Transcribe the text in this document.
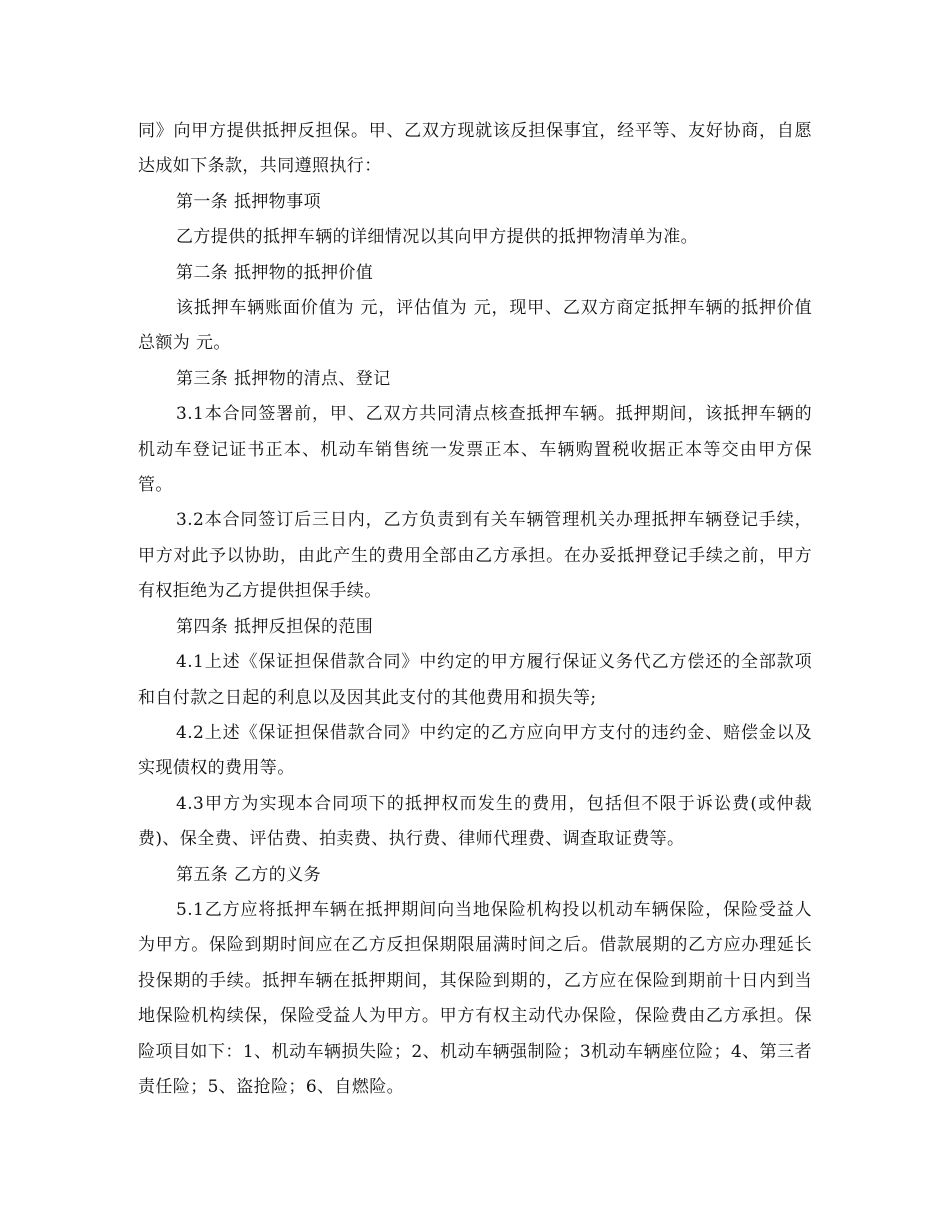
同》向甲方提供抵押反担保。甲、乙双方现就该反担保事宜，经平等、友好协商，自愿达成如下条款，共同遵照执行：

第一条 抵押物事项

乙方提供的抵押车辆的详细情况以其向甲方提供的抵押物清单为准。

第二条 抵押物的抵押价值

该抵押车辆账面价值为 元，评估值为 元，现甲、乙双方商定抵押车辆的抵押价值总额为 元。

第三条 抵押物的清点、登记

3.1本合同签署前，甲、乙双方共同清点核查抵押车辆。抵押期间，该抵押车辆的机动车登记证书正本、机动车销售统一发票正本、车辆购置税收据正本等交由甲方保管。

3.2本合同签订后三日内，乙方负责到有关车辆管理机关办理抵押车辆登记手续，甲方对此予以协助，由此产生的费用全部由乙方承担。在办妥抵押登记手续之前，甲方有权拒绝为乙方提供担保手续。

第四条 抵押反担保的范围

4.1上述《保证担保借款合同》中约定的甲方履行保证义务代乙方偿还的全部款项和自付款之日起的利息以及因其此支付的其他费用和损失等;

4.2上述《保证担保借款合同》中约定的乙方应向甲方支付的违约金、赔偿金以及实现债权的费用等。

4.3甲方为实现本合同项下的抵押权而发生的费用，包括但不限于诉讼费(或仲裁费)、保全费、评估费、拍卖费、执行费、律师代理费、调查取证费等。

第五条 乙方的义务

5.1乙方应将抵押车辆在抵押期间向当地保险机构投以机动车辆保险，保险受益人为甲方。保险到期时间应在乙方反担保期限届满时间之后。借款展期的乙方应办理延长投保期的手续。抵押车辆在抵押期间，其保险到期的，乙方应在保险到期前十日内到当地保险机构续保，保险受益人为甲方。甲方有权主动代办保险，保险费由乙方承担。保险项目如下：1、机动车辆损失险；2、机动车辆强制险；3机动车辆座位险；4、第三者责任险；5、盗抢险；6、自燃险。
